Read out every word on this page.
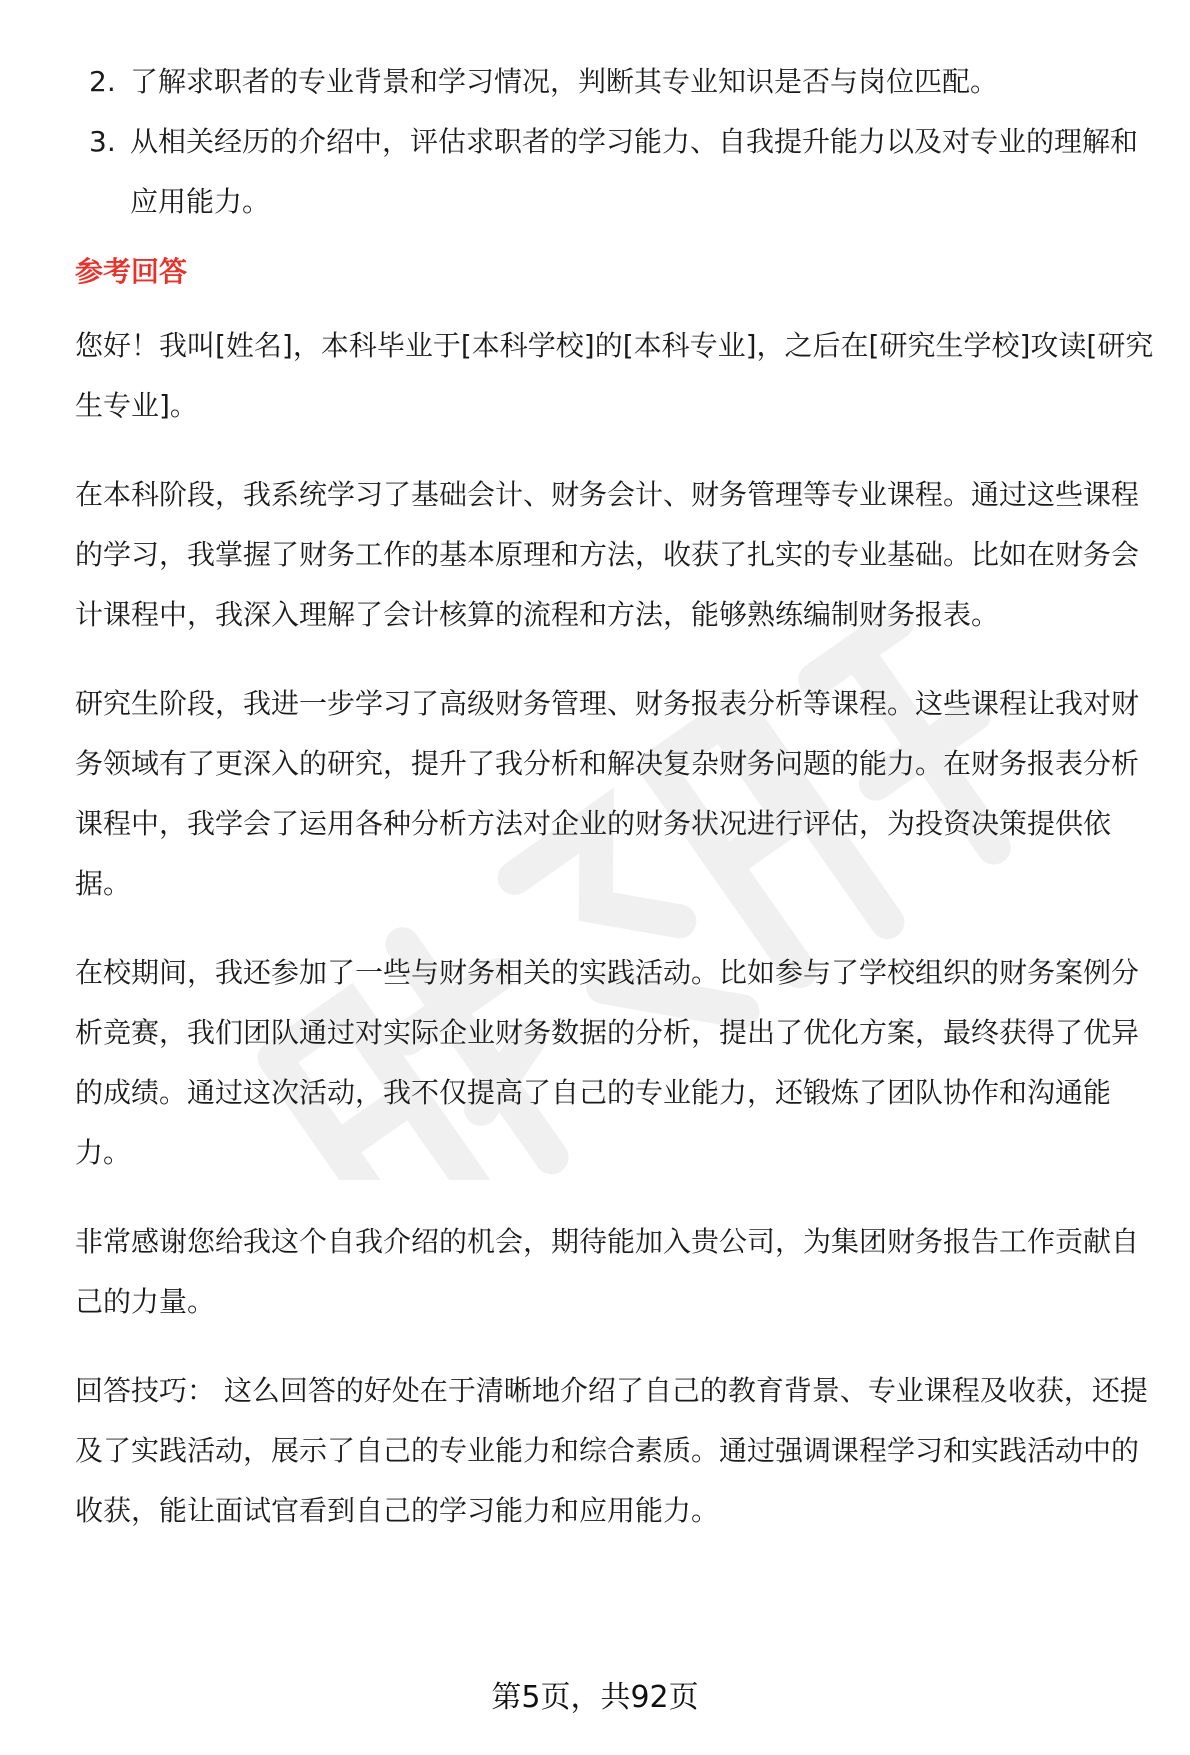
2. 了解求职者的专业背景和学习情况，判断其专业知识是否与岗位匹配。
3. 从相关经历的介绍中，评估求职者的学习能力、自我提升能力以及对专业的理解和应用能力。
参考回答

您好！我叫[姓名]，本科毕业于[本科学校]的[本科专业]，之后在[研究生学校]攻读[研究生专业]。

在本科阶段，我系统学习了基础会计、财务会计、财务管理等专业课程。通过这些课程的学习，我掌握了财务工作的基本原理和方法，收获了扎实的专业基础。比如在财务会计课程中，我深入理解了会计核算的流程和方法，能够熟练编制财务报表。

研究生阶段，我进一步学习了高级财务管理、财务报表分析等课程。这些课程让我对财务领域有了更深入的研究，提升了我分析和解决复杂财务问题的能力。在财务报表分析课程中，我学会了运用各种分析方法对企业的财务状况进行评估，为投资决策提供依据。

在校期间，我还参加了一些与财务相关的实践活动。比如参与了学校组织的财务案例分析竞赛，我们团队通过对实际企业财务数据的分析，提出了优化方案，最终获得了优异的成绩。通过这次活动，我不仅提高了自己的专业能力，还锻炼了团队协作和沟通能力。

非常感谢您给我这个自我介绍的机会，期待能加入贵公司，为集团财务报告工作贡献自己的力量。

回答技巧： 这么回答的好处在于清晰地介绍了自己的教育背景、专业课程及收获，还提及了实践活动，展示了自己的专业能力和综合素质。通过强调课程学习和实践活动中的收获，能让面试官看到自己的学习能力和应用能力。

第5页，共92页
